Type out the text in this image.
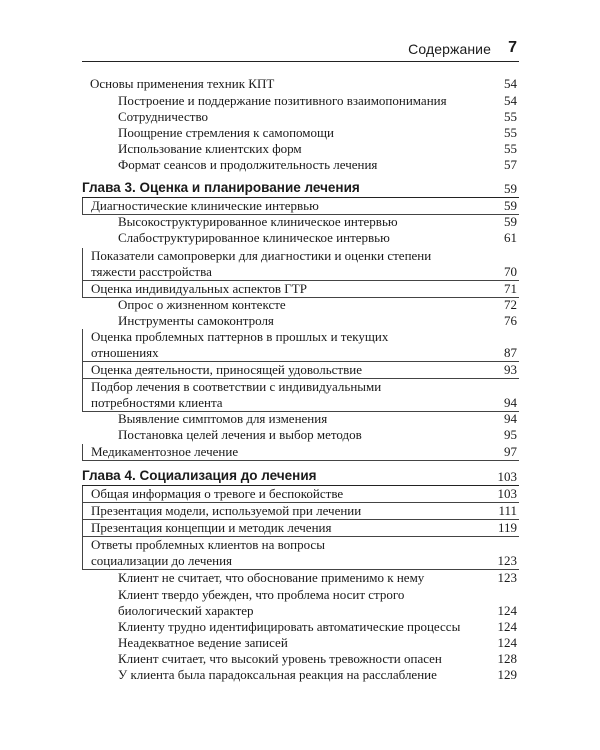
Содержание 7
Основы применения техник КПТ	54
Построение и поддержание позитивного взаимопонимания	54
Сотрудничество	55
Поощрение стремления к самопомощи	55
Использование клиентских форм	55
Формат сеансов и продолжительность лечения	57
Глава 3. Оценка и планирование лечения	59
Диагностические клинические интервью	59
Высокоструктурированное клиническое интервью	59
Слабоструктурированное клиническое интервью	61
Показатели самопроверки для диагностики и оценки степени
тяжести расстройства	70
Оценка индивидуальных аспектов ГТР	71
Опрос о жизненном контексте	72
Инструменты самоконтроля	76
Оценка проблемных паттернов в прошлых и текущих
отношениях	87
Оценка деятельности, приносящей удовольствие	93
Подбор лечения в соответствии с индивидуальными
потребностями клиента	94
Выявление симптомов для изменения	94
Постановка целей лечения и выбор методов	95
Медикаментозное лечение	97
Глава 4. Социализация до лечения	103
Общая информация о тревоге и беспокойстве	103
Презентация модели, используемой при лечении	111
Презентация концепции и методик лечения	119
Ответы проблемных клиентов на вопросы
социализации до лечения	123
Клиент не считает, что обоснование применимо к нему	123
Клиент твердо убежден, что проблема носит строго
биологический характер	124
Клиенту трудно идентифицировать автоматические процессы	124
Неадекватное ведение записей	124
Клиент считает, что высокий уровень тревожности опасен	128
У клиента была парадоксальная реакция на расслабление	129
